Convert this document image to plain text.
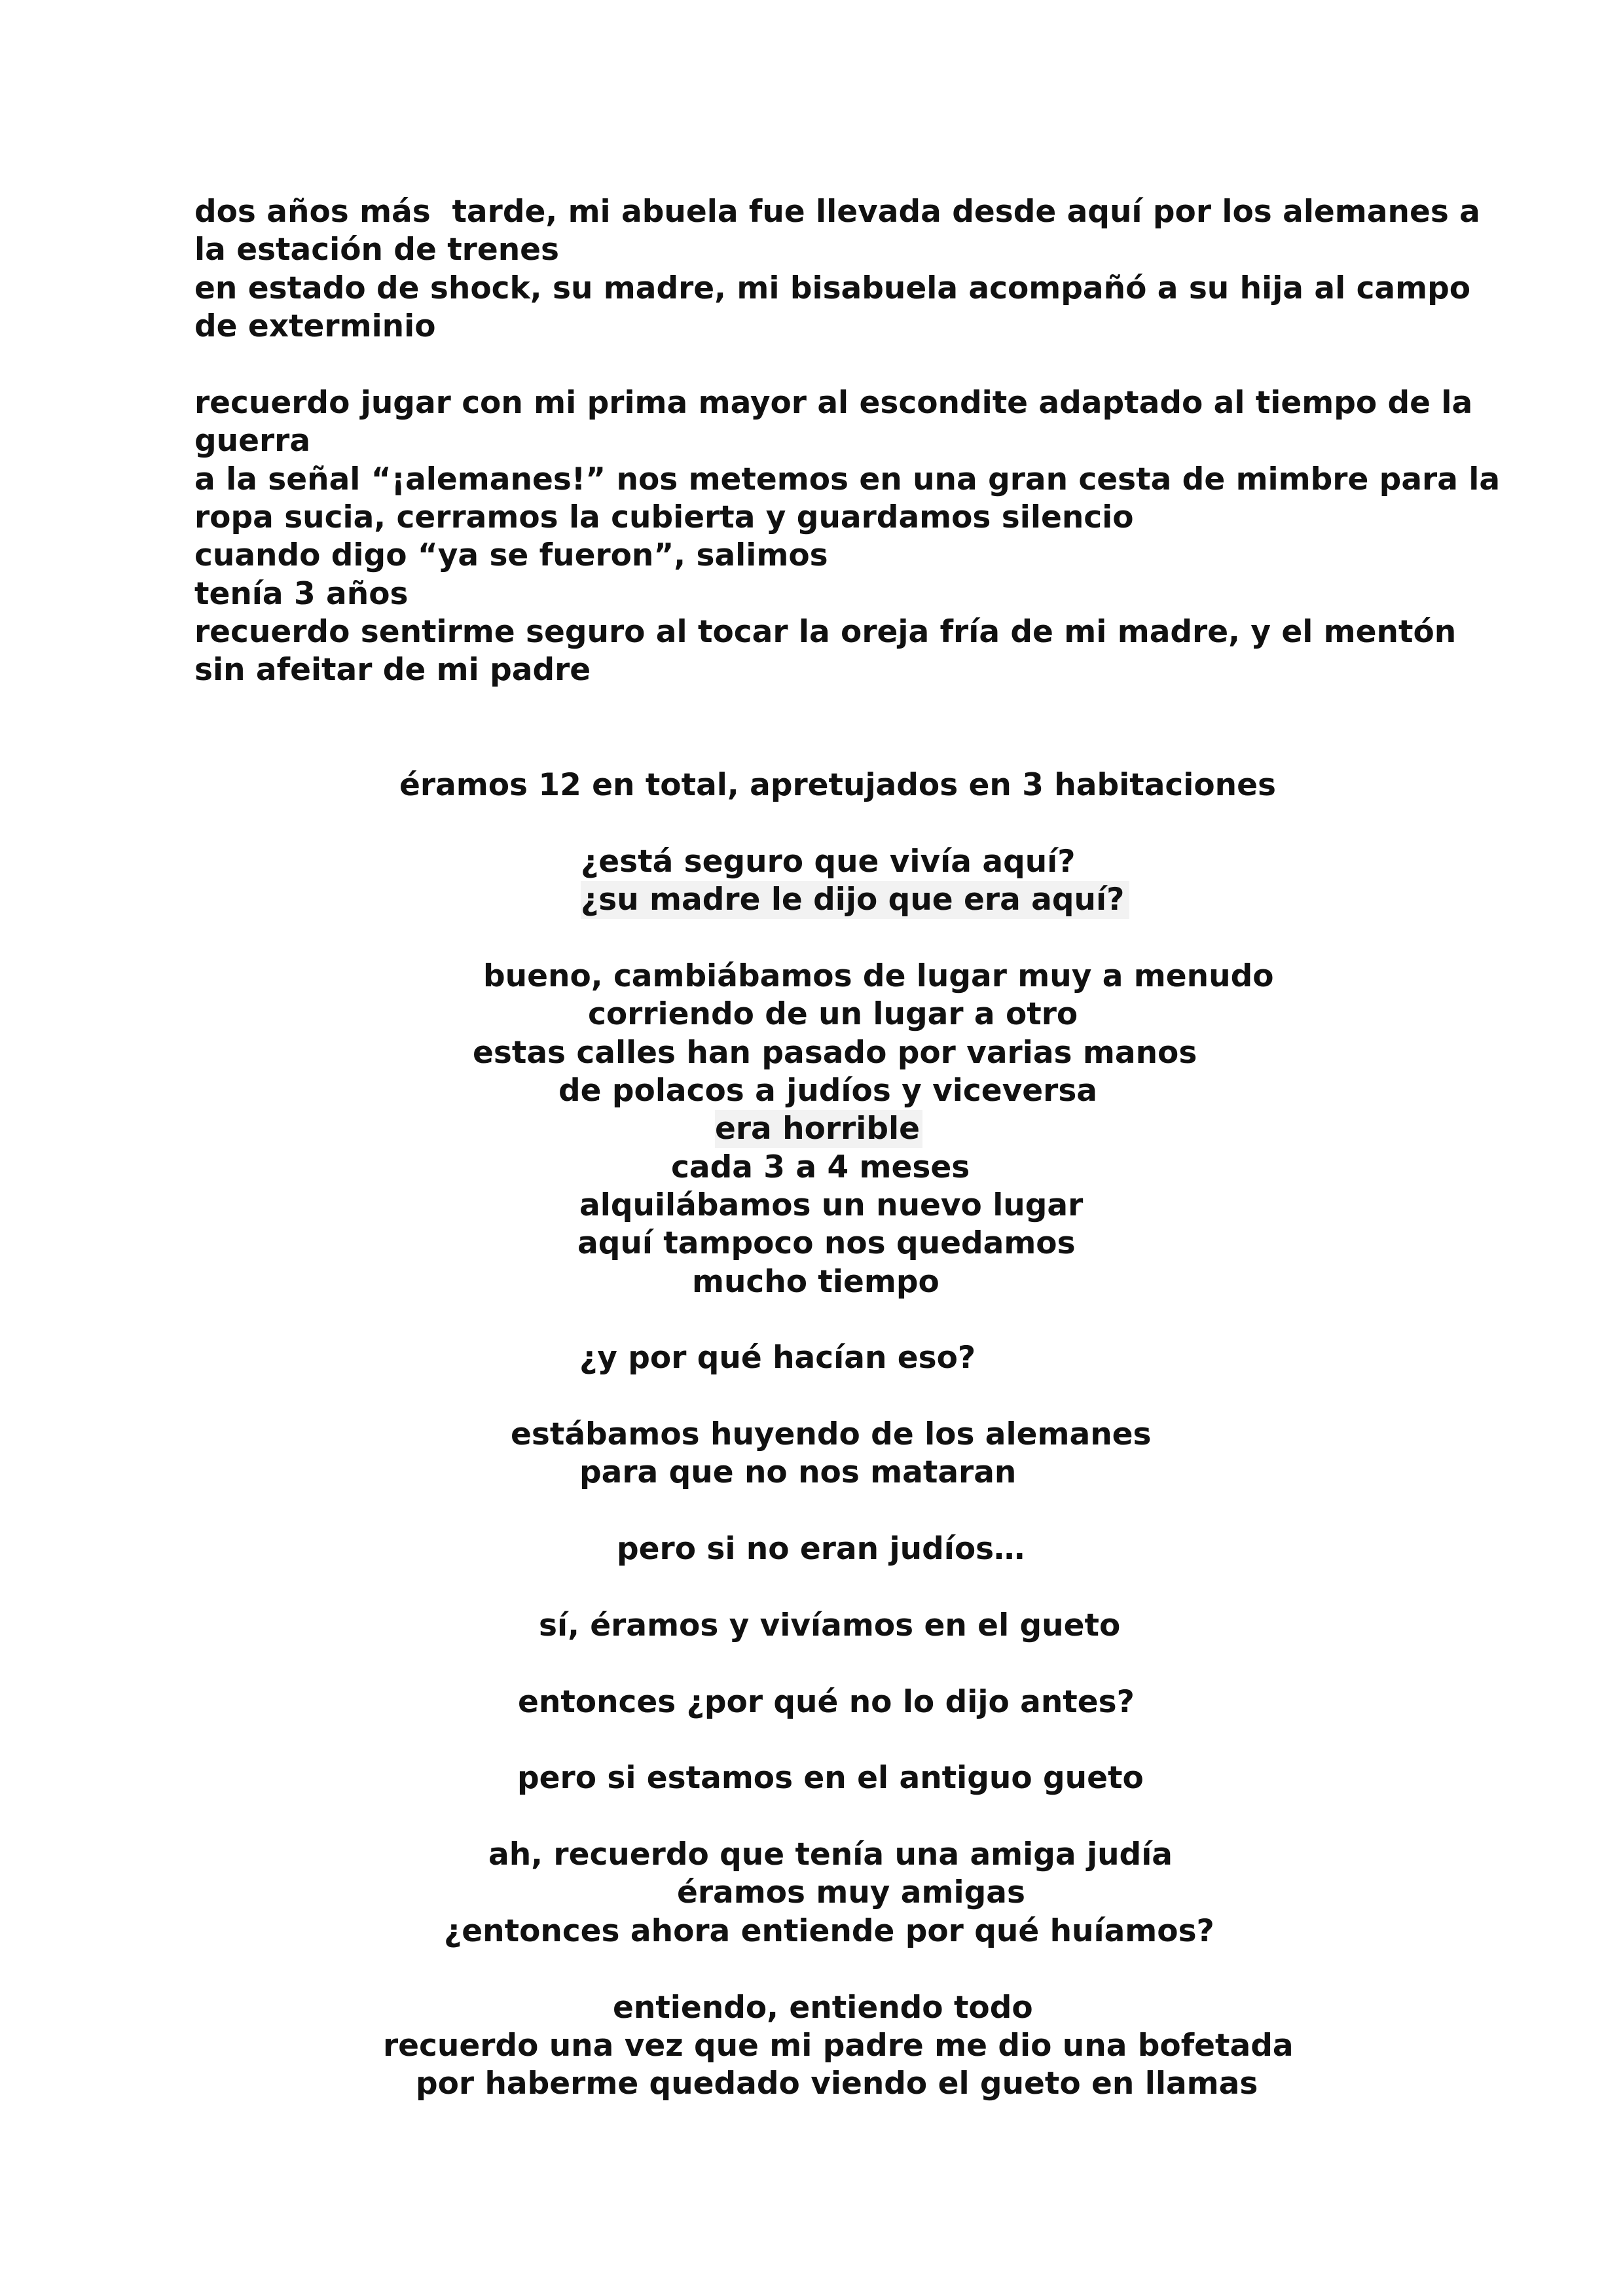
dos años más  tarde, mi abuela fue llevada desde aquí por los alemanes a
la estación de trenes
en estado de shock, su madre, mi bisabuela acompañó a su hija al campo
de exterminio
recuerdo jugar con mi prima mayor al escondite adaptado al tiempo de la
guerra
a la señal “¡alemanes!” nos metemos en una gran cesta de mimbre para la
ropa sucia, cerramos la cubierta y guardamos silencio
cuando digo “ya se fueron”, salimos
tenía 3 años
recuerdo sentirme seguro al tocar la oreja fría de mi madre, y el mentón
sin afeitar de mi padre
éramos 12 en total, apretujados en 3 habitaciones
¿está seguro que vivía aquí?
¿su madre le dijo que era aquí?
bueno, cambiábamos de lugar muy a menudo
corriendo de un lugar a otro
estas calles han pasado por varias manos
de polacos a judíos y viceversa
era horrible
cada 3 a 4 meses
alquilábamos un nuevo lugar
aquí tampoco nos quedamos
mucho tiempo
¿y por qué hacían eso?
estábamos huyendo de los alemanes
para que no nos mataran
pero si no eran judíos…
sí, éramos y vivíamos en el gueto
entonces ¿por qué no lo dijo antes?
pero si estamos en el antiguo gueto
ah, recuerdo que tenía una amiga judía
éramos muy amigas
¿entonces ahora entiende por qué huíamos?
entiendo, entiendo todo
recuerdo una vez que mi padre me dio una bofetada
por haberme quedado viendo el gueto en llamas
